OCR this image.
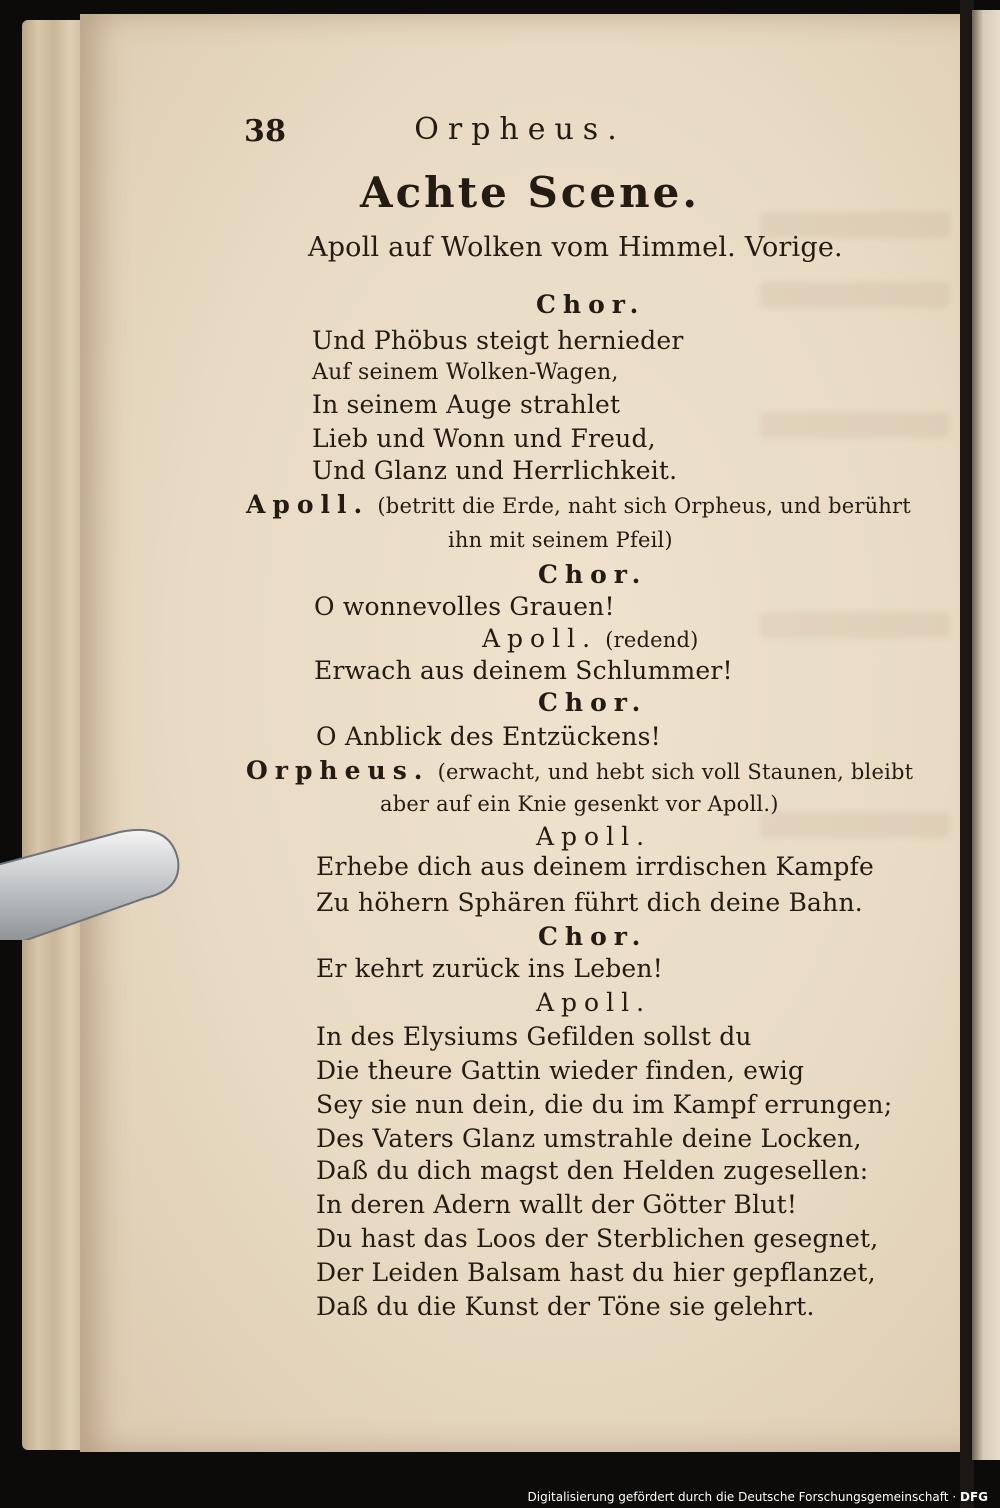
38	Orpheus.
Achte Scene.
Apoll auf Wolken vom Himmel. Vorige.
Chor.
Und Phöbus steigt hernieder
Auf seinem Wolken-Wagen,
In seinem Auge strahlet
Lieb und Wonn und Freud,
Und Glanz und Herrlichkeit.
Apoll. (betritt die Erde, naht sich Orpheus, und berührt
ihn mit seinem Pfeil)
Chor.
O wonnevolles Grauen!
Apoll. (redend)
Erwach aus deinem Schlummer!
Chor.
O Anblick des Entzückens!
Orpheus. (erwacht, und hebt sich voll Staunen, bleibt
aber auf ein Knie gesenkt vor Apoll.)
Apoll.
Erhebe dich aus deinem irrdischen Kampfe
Zu höhern Sphären führt dich deine Bahn.
Chor.
Er kehrt zurück ins Leben!
Apoll.
In des Elysiums Gefilden sollst du
Die theure Gattin wieder finden, ewig
Sey sie nun dein, die du im Kampf errungen;
Des Vaters Glanz umstrahle deine Locken,
Daß du dich magst den Helden zugesellen:
In deren Adern wallt der Götter Blut!
Du hast das Loos der Sterblichen gesegnet,
Der Leiden Balsam hast du hier gepflanzet,
Daß du die Kunst der Töne sie gelehrt.
Digitalisierung gefördert durch die Deutsche Forschungsgemeinschaft · DFG
